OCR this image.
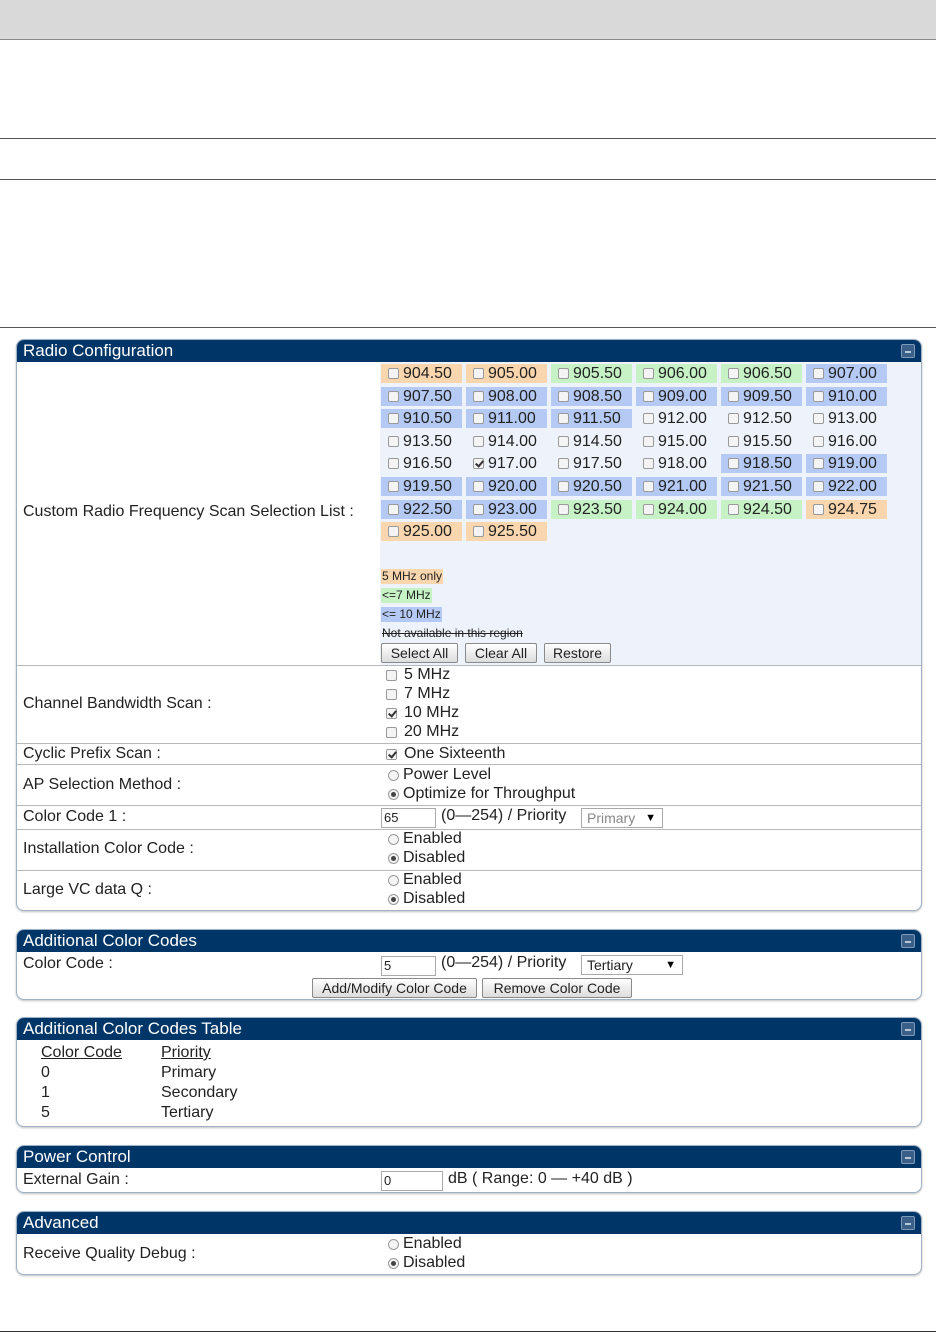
Radio Configuration
Custom Radio Frequency Scan Selection List :
904.50 905.00 905.50 906.00 906.50 907.00
907.50 908.00 908.50 909.00 909.50 910.00
910.50 911.00 911.50 912.00 912.50 913.00
913.50 914.00 914.50 915.00 915.50 916.00
916.50 917.00 917.50 918.00 918.50 919.00
919.50 920.00 920.50 921.00 921.50 922.00
922.50 923.00 923.50 924.00 924.50 924.75
925.00 925.50
5 MHz only
<=7 MHz
<= 10 MHz
Not available in this region
Select All	Clear All	Restore
Channel Bandwidth Scan :
5 MHz
7 MHz
10 MHz
20 MHz
Cyclic Prefix Scan :	One Sixteenth
AP Selection Method :
Power Level
Optimize for Throughput
Color Code 1 :	65	(0—254) / Priority	Primary ▼
Installation Color Code :
Enabled
Disabled
Large VC data Q :
Enabled
Disabled
Additional Color Codes
Color Code :	5	(0—254) / Priority	Tertiary	▼
Add/Modify Color Code	Remove Color Code
Additional Color Codes Table
Color Code Priority
0	Primary
1	Secondary
5	Tertiary
Power Control
External Gain :	0	dB ( Range: 0 — +40 dB )
Advanced
Receive Quality Debug :
Enabled
Disabled
